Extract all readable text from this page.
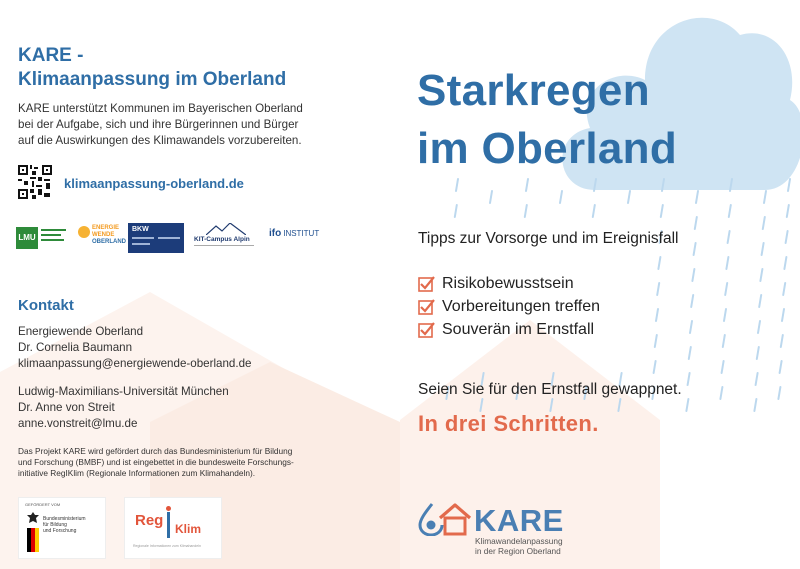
KARE -
Klimaanpassung im Oberland
KARE unterstützt Kommunen im Bayerischen Oberland
bei der Aufgabe, sich und ihre Bürgerinnen und Bürger
auf die Auswirkungen des Klimawandels vorzubereiten.
klimaanpassung-oberland.de
LMU
ENERGIE
WENDE
OBERLAND
BKW
KIT-Campus Alpin
ifo INSTITUT
Kontakt
Energiewende Oberland
Dr. Cornelia Baumann
klimaanpassung@energiewende-oberland.de
Ludwig-Maximilians-Universität München
Dr. Anne von Streit
anne.vonstreit@lmu.de
Das Projekt KARE wird gefördert durch das Bundesministerium für Bildung
und Forschung (BMBF) und ist eingebettet in die bundesweite Forschungs-
initiative RegIKlim (Regionale Informationen zum Klimahandeln).
GEFÖRDERT VOM
Bundesministerium
für Bildung
und Forschung
Reg Klim
Regionale Informationen zum Klimahandeln
Starkregen
im Oberland
Tipps zur Vorsorge und im Ereignisfall
Risikobewusstsein
Vorbereitungen treffen
Souverän im Ernstfall
Seien Sie für den Ernstfall gewappnet.
In drei Schritten.
KARE
Klimawandelanpassung
in der Region Oberland
